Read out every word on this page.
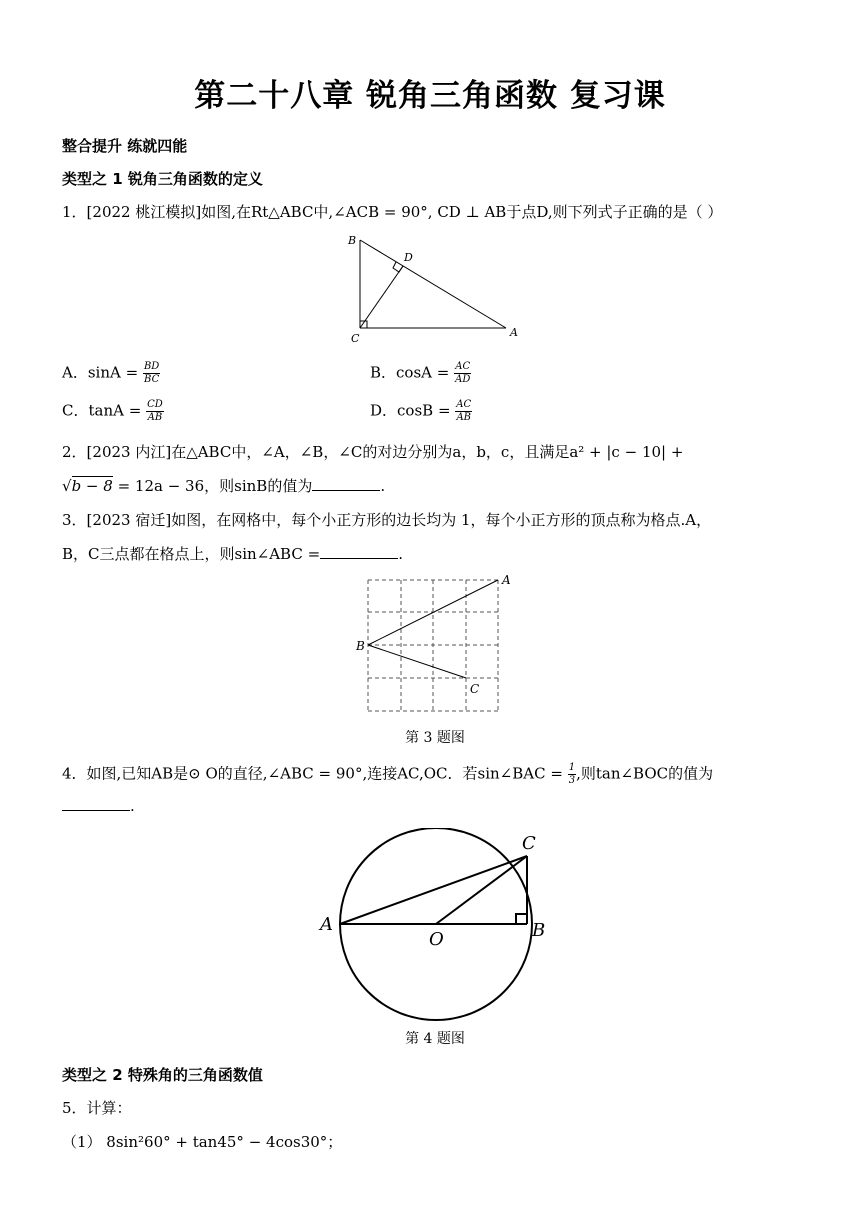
第二十八章 锐角三角函数 复习课
整合提升 练就四能
类型之 1 锐角三角函数的定义
1．[2022 桃江模拟]如图,在Rt△ABC中,∠ACB = 90°, CD ⊥ AB于点D,则下列式子正确的是（ ）
B
D
C	A
A．$\sin A = \frac{BD}{BC}$	B．$\cos A = \frac{AC}{AD}$
C．$\tan A = \frac{CD}{AB}$	D．$\cos B = \frac{AC}{AB}$
2．[2023 内江]在△ABC中，∠A，∠B，∠C的对边分别为a，b，c，且满足a² + |c − 10| +
√b − 8 = 12a − 36，则sinB的值为	.
3．[2023 宿迁]如图，在网格中，每个小正方形的边长均为 1，每个小正方形的顶点称为格点.A，
B，C三点都在格点上，则sin∠ABC =	.
A
B
C
第 3 题图
4．如图,已知AB是⊙ O的直径,∠ABC = 90°,连接AC,OC．若sin∠BAC = $\frac{1}{3}$ ,则tan∠BOC的值为
.
A
O	B
C
第 4 题图
类型之 2 特殊角的三角函数值
5．计算：
（1） 8sin²60° + tan45° − 4cos30°；
